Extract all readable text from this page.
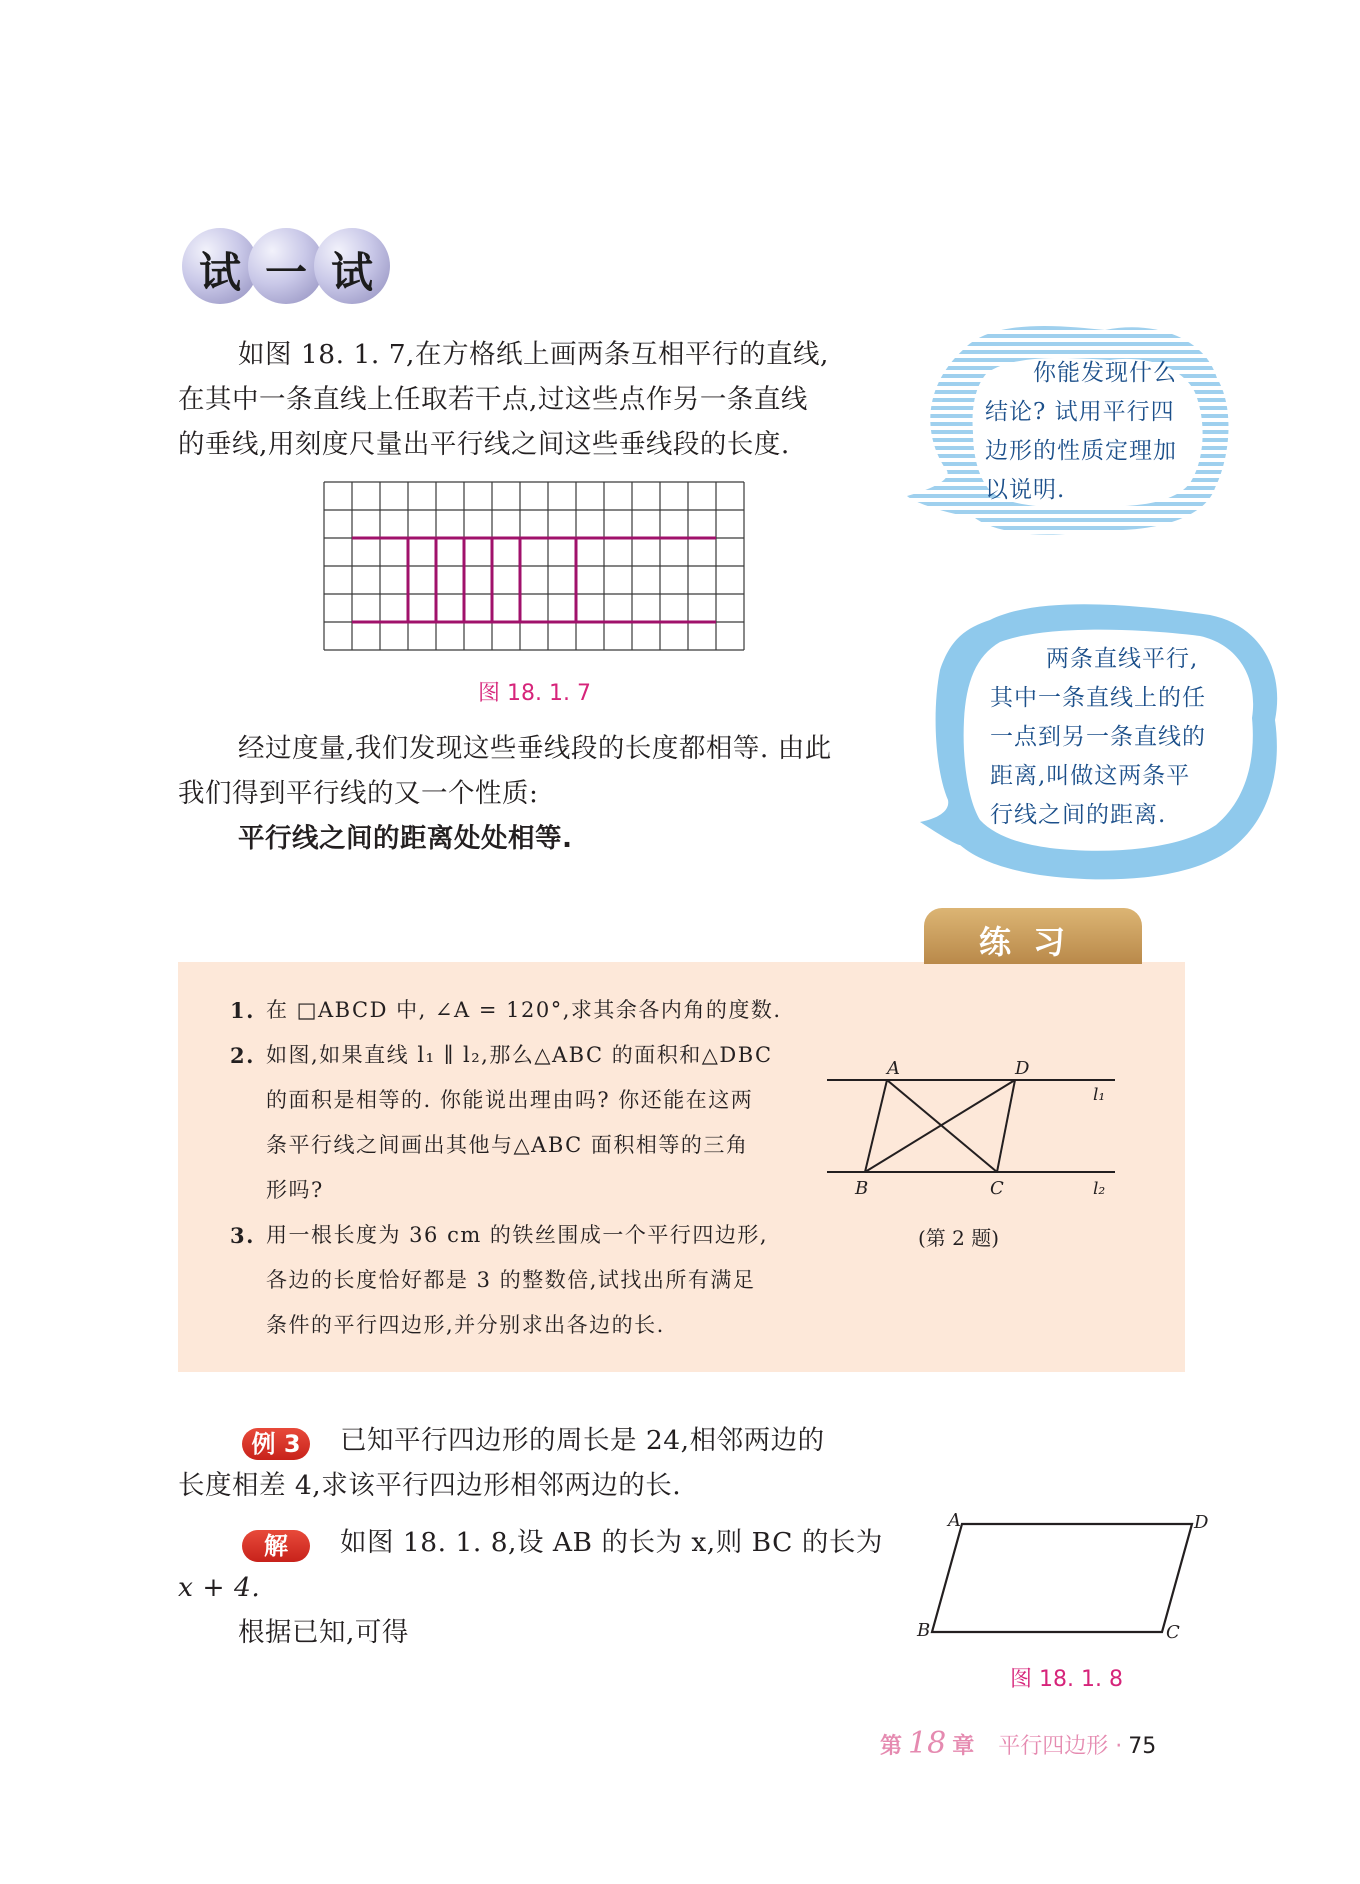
试 一 试
如图 18. 1. 7,在方格纸上画两条互相平行的直线,
在其中一条直线上任取若干点,过这些点作另一条直线
的垂线,用刻度尺量出平行线之间这些垂线段的长度.
你能发现什么
结论? 试用平行四
边形的性质定理加
以说明.
图 18. 1. 7
两条直线平行,
其中一条直线上的任
一点到另一条直线的
距离,叫做这两条平
行线之间的距离.
经过度量,我们发现这些垂线段的长度都相等. 由此
我们得到平行线的又一个性质:
平行线之间的距离处处相等.
练习
1. 在 □ABCD 中, ∠A = 120°,求其余各内角的度数.
2. 如图,如果直线 l₁ ∥ l₂,那么△ABC 的面积和△DBC
的面积是相等的. 你能说出理由吗? 你还能在这两
条平行线之间画出其他与△ABC 面积相等的三角
形吗?
3. 用一根长度为 36 cm 的铁丝围成一个平行四边形,
各边的长度恰好都是 3 的整数倍,试找出所有满足
条件的平行四边形,并分别求出各边的长.
A	D
B	C
l₁
l₂
(第 2 题)
例 3	已知平行四边形的周长是 24,相邻两边的
长度相差 4,求该平行四边形相邻两边的长.
解	如图 18. 1. 8,设 AB 的长为 x,则 BC 的长为
x + 4.
根据已知,可得
A	D
B	C
图 18. 1. 8
第 18 章 平行四边形 · 75
